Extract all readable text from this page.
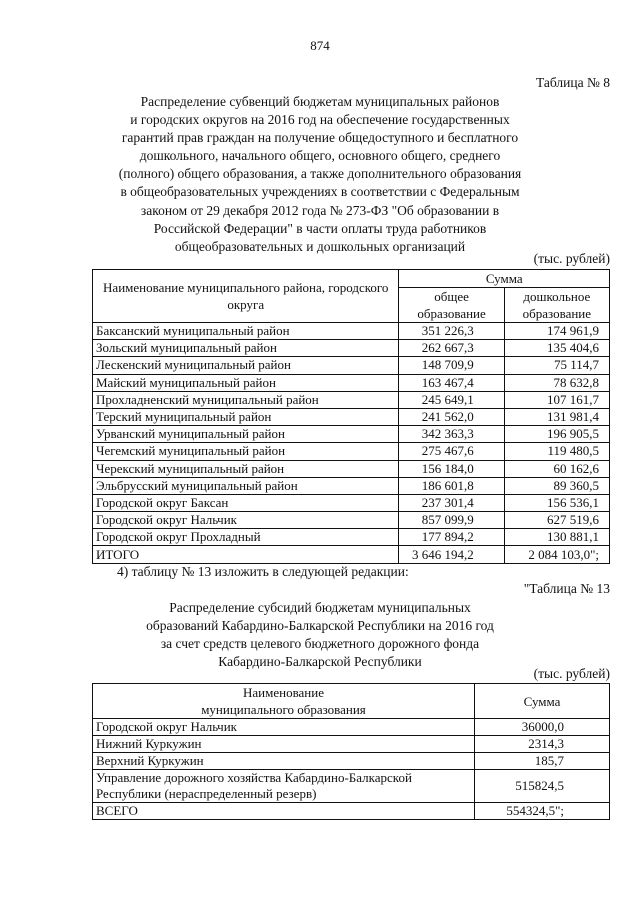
874
Таблица № 8
Распределение субвенций бюджетам муниципальных районов
и городских округов на 2016 год на обеспечение государственных
гарантий прав граждан на получение общедоступного и бесплатного
дошкольного, начального общего, основного общего, среднего
(полного) общего образования, а также дополнительного образования
в общеобразовательных учреждениях в соответствии с Федеральным
законом от 29 декабря 2012 года № 273-ФЗ "Об образовании в
Российской Федерации" в части оплаты труда работников
общеобразовательных и дошкольных организаций
(тыс. рублей)
Наименование муниципального района, городского округа	Сумма	
	общее образование	дошкольное образование
Баксанский муниципальный район	351 226,3	174 961,9
Зольский муниципальный район	262 667,3	135 404,6
Лескенский муниципальный район	148 709,9	75 114,7
Майский муниципальный район	163 467,4	78 632,8
Прохладненский муниципальный район	245 649,1	107 161,7
Терский муниципальный район	241 562,0	131 981,4
Урванский муниципальный район	342 363,3	196 905,5
Чегемский муниципальный район	275 467,6	119 480,5
Черекский муниципальный район	156 184,0	60 162,6
Эльбрусский муниципальный район	186 601,8	89 360,5
Городской округ Баксан	237 301,4	156 536,1
Городской округ Нальчик	857 099,9	627 519,6
Городской округ Прохладный	177 894,2	130 881,1
ИТОГО	3 646 194,2	2 084 103,0";
4) таблицу № 13 изложить в следующей редакции:
"Таблица № 13
Распределение субсидий бюджетам муниципальных
образований Кабардино-Балкарской Республики на 2016 год
за счет средств целевого бюджетного дорожного фонда
Кабардино-Балкарской Республики
(тыс. рублей)
Наименование
муниципального образования	Сумма
Городской округ Нальчик	36000,0
Нижний Куркужин	2314,3
Верхний Куркужин	185,7

Управление дорожного хозяйства Кабардино-Балкарской
Республики (нераспределенный резерв)	515824,5
ВСЕГО	554324,5";
